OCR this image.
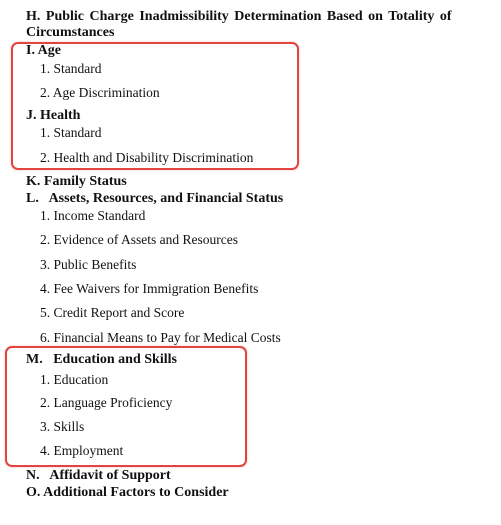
H. Public Charge Inadmissibility Determination Based on Totality of
Circumstances
I. Age
1. Standard
2. Age Discrimination
J. Health
1. Standard
2. Health and Disability Discrimination
K. Family Status
L.   Assets, Resources, and Financial Status
1. Income Standard
2. Evidence of Assets and Resources
3. Public Benefits
4. Fee Waivers for Immigration Benefits
5. Credit Report and Score
6. Financial Means to Pay for Medical Costs
M.   Education and Skills
1. Education
2. Language Proficiency
3. Skills
4. Employment
N.   Affidavit of Support
O. Additional Factors to Consider
